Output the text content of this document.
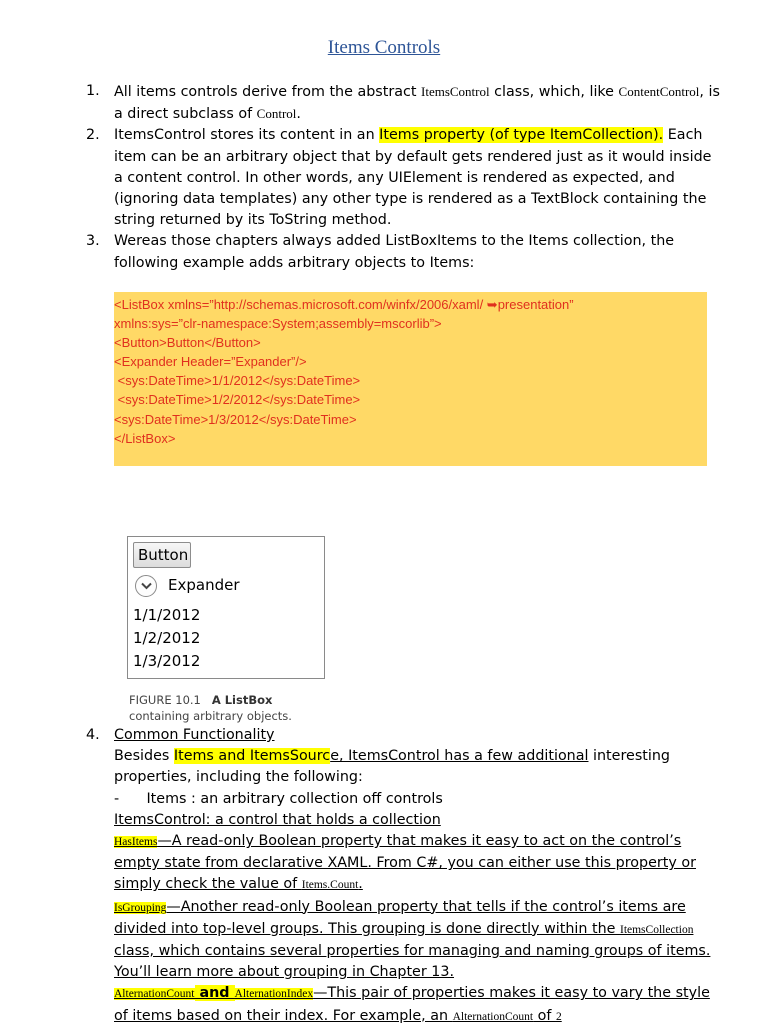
Items Controls
1. All items controls derive from the abstract ItemsControl class, which, like ContentControl, is a direct subclass of Control.
2. ItemsControl stores its content in an Items property (of type ItemCollection). Each item can be an arbitrary object that by default gets rendered just as it would inside a content control. In other words, any UIElement is rendered as expected, and (ignoring data templates) any other type is rendered as a TextBlock containing the string returned by its ToString method.
3. Wereas those chapters always added ListBoxItems to the Items collection, the following example adds arbitrary objects to Items:
<ListBox xmlns=”http://schemas.microsoft.com/winfx/2006/xaml/ ➥presentation”
xmlns:sys=”clr-namespace:System;assembly=mscorlib”>
<Button>Button</Button>
<Expander Header=”Expander”/>
<sys:DateTime>1/1/2012</sys:DateTime>
<sys:DateTime>1/2/2012</sys:DateTime>
<sys:DateTime>1/3/2012</sys:DateTime>
</ListBox>
Button
Expander
1/1/2012
1/2/2012
1/3/2012
FIGURE 10.1 A ListBox
containing arbitrary objects.
4. Common Functionality
Besides Items and ItemsSource, ItemsControl has a few additional interesting properties, including the following:
- Items : an arbitrary collection off controls
ItemsControl: a control that holds a collection
HasItems—A read-only Boolean property that makes it easy to act on the control’s empty state from declarative XAML. From C#, you can either use this property or simply check the value of Items.Count.
IsGrouping—Another read-only Boolean property that tells if the control’s items are divided into top-level groups. This grouping is done directly within the ItemsCollection class, which contains several properties for managing and naming groups of items. You’ll learn more about grouping in Chapter 13.
AlternationCount and AlternationIndex—This pair of properties makes it easy to vary the style of items based on their index. For example, an AlternationCount of 2
